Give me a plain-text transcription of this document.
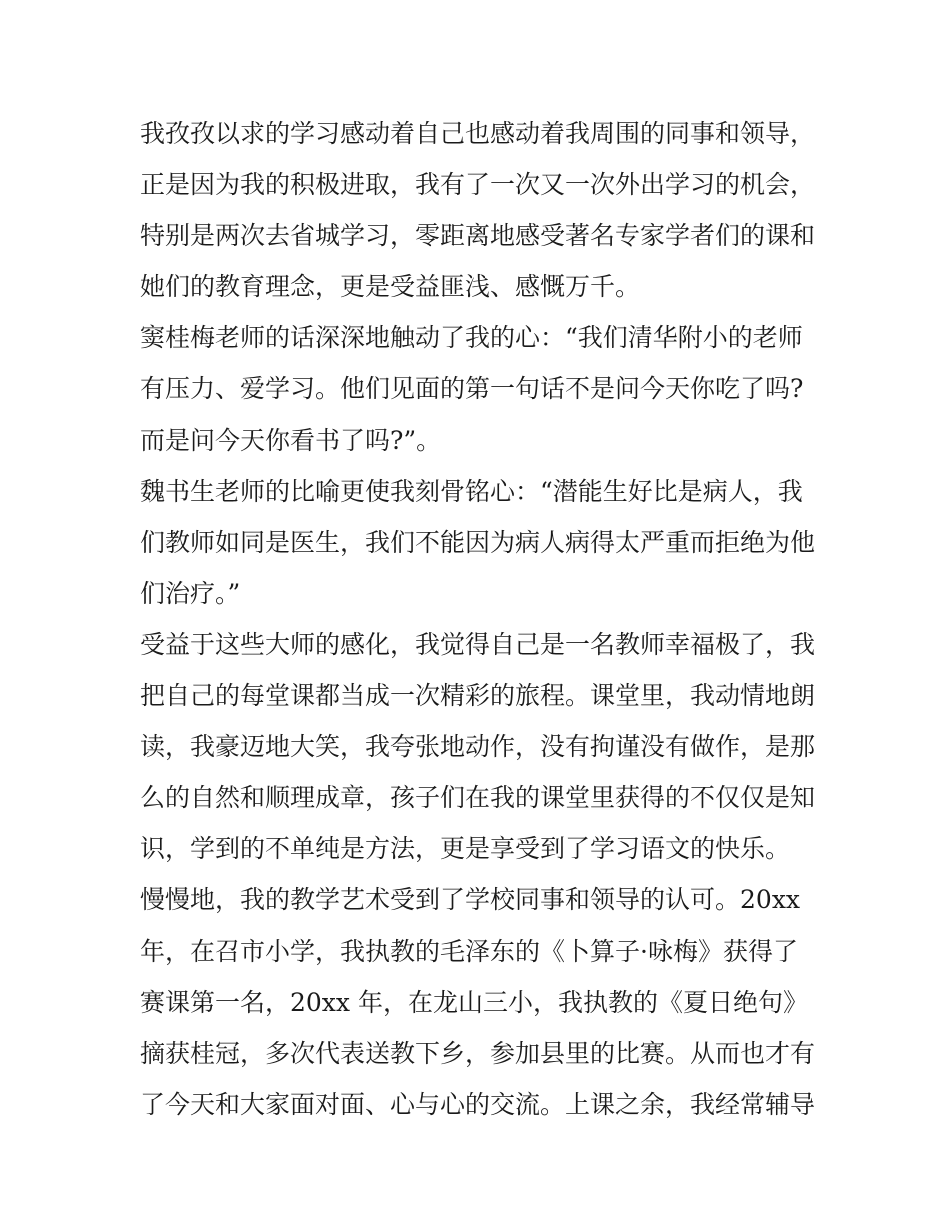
我孜孜以求的学习感动着自己也感动着我周围的同事和领导，
正是因为我的积极进取，我有了一次又一次外出学习的机会，
特别是两次去省城学习，零距离地感受著名专家学者们的课和
她们的教育理念，更是受益匪浅、感慨万千。
窦桂梅老师的话深深地触动了我的心：“我们清华附小的老师
有压力、爱学习。他们见面的第一句话不是问今天你吃了吗?
而是问今天你看书了吗?”。
魏书生老师的比喻更使我刻骨铭心：“潜能生好比是病人，我
们教师如同是医生，我们不能因为病人病得太严重而拒绝为他
们治疗。”
受益于这些大师的感化，我觉得自己是一名教师幸福极了，我
把自己的每堂课都当成一次精彩的旅程。课堂里，我动情地朗
读，我豪迈地大笑，我夸张地动作，没有拘谨没有做作，是那
么的自然和顺理成章，孩子们在我的课堂里获得的不仅仅是知
识，学到的不单纯是方法，更是享受到了学习语文的快乐。
慢慢地，我的教学艺术受到了学校同事和领导的认可。20xx
年，在召市小学，我执教的毛泽东的《卜算子·咏梅》获得了
赛课第一名，20xx 年，在龙山三小，我执教的《夏日绝句》
摘获桂冠，多次代表送教下乡，参加县里的比赛。从而也才有
了今天和大家面对面、心与心的交流。上课之余，我经常辅导
